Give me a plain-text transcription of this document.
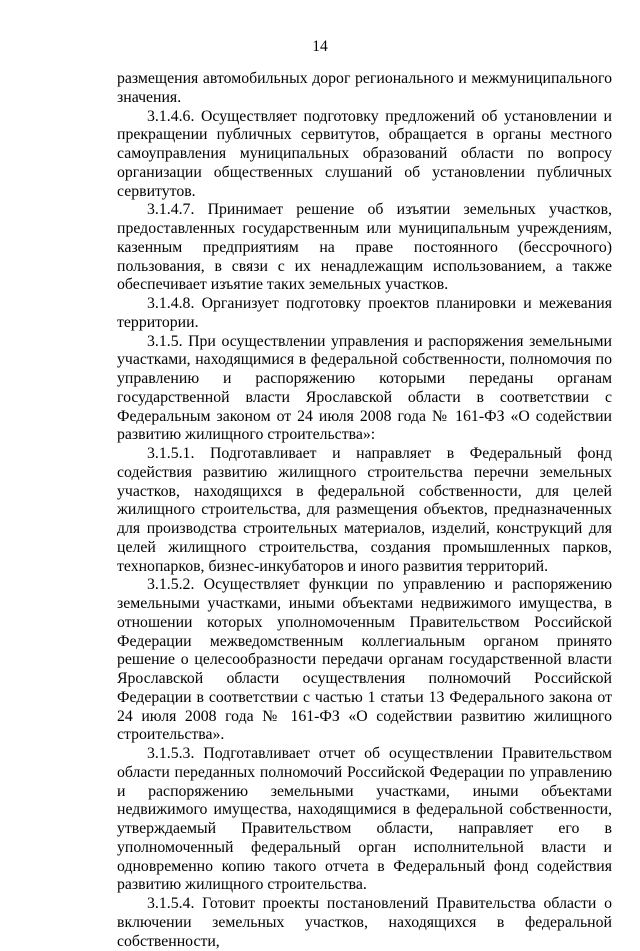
14

размещения автомобильных дорог регионального и межмуниципального значения.

3.1.4.6. Осуществляет подготовку предложений об установлении и прекращении публичных сервитутов, обращается в органы местного самоуправления муниципальных образований области по вопросу организации общественных слушаний об установлении публичных сервитутов.

3.1.4.7. Принимает решение об изъятии земельных участков, предоставленных государственным или муниципальным учреждениям, казенным предприятиям на праве постоянного (бессрочного) пользования, в связи с их ненадлежащим использованием, а также обеспечивает изъятие таких земельных участков.

3.1.4.8. Организует подготовку проектов планировки и межевания территории.

3.1.5. При осуществлении управления и распоряжения земельными участками, находящимися в федеральной собственности, полномочия по управлению и распоряжению которыми переданы органам государственной власти Ярославской области в соответствии с Федеральным законом от 24 июля 2008 года № 161-ФЗ «О содействии развитию жилищного строительства»:

3.1.5.1. Подготавливает и направляет в Федеральный фонд содействия развитию жилищного строительства перечни земельных участков, находящихся в федеральной собственности, для целей жилищного строительства, для размещения объектов, предназначенных для производства строительных материалов, изделий, конструкций для целей жилищного строительства, создания промышленных парков, технопарков, бизнес-инкубаторов и иного развития территорий.

3.1.5.2. Осуществляет функции по управлению и распоряжению земельными участками, иными объектами недвижимого имущества, в отношении которых уполномоченным Правительством Российской Федерации межведомственным коллегиальным органом принято решение о целесообразности передачи органам государственной власти Ярославской области осуществления полномочий Российской Федерации в соответствии с частью 1 статьи 13 Федерального закона от 24 июля 2008 года № 161-ФЗ «О содействии развитию жилищного строительства».

3.1.5.3. Подготавливает отчет об осуществлении Правительством области переданных полномочий Российской Федерации по управлению и распоряжению земельными участками, иными объектами недвижимого имущества, находящимися в федеральной собственности, утверждаемый Правительством области, направляет его в уполномоченный федеральный орган исполнительной власти и одновременно копию такого отчета в Федеральный фонд содействия развитию жилищного строительства.

3.1.5.4. Готовит проекты постановлений Правительства области о включении земельных участков, находящихся в федеральной собственности,
